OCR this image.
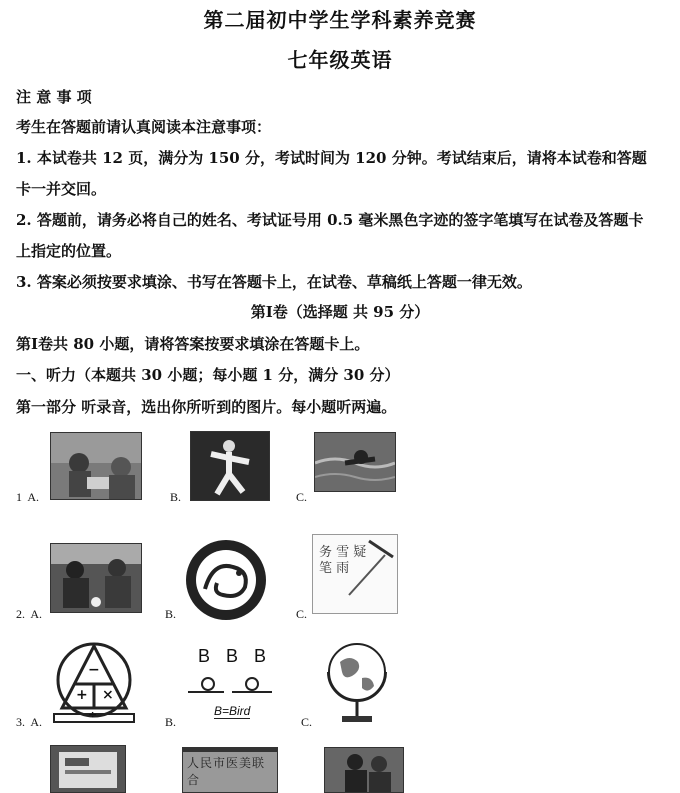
第二届初中学生学科素养竞赛
七年级英语
注 意 事 项
考生在答题前请认真阅读本注意事项：
1. 本试卷共 12 页，满分为 150 分，考试时间为 120 分钟。考试结束后，请将本试卷和答题
卡一并交回。
2. 答题前，请务必将自己的姓名、考试证号用 0.5 毫米黑色字迹的签字笔填写在试卷及答题卡
上指定的位置。
3. 答案必须按要求填涂、书写在答题卡上，在试卷、草稿纸上答题一律无效。
第Ⅰ卷（选择题 共 95 分）
第Ⅰ卷共 80 小题，请将答案按要求填涂在答题卡上。
一、听力（本题共 30 小题；每小题 1 分，满分 30 分）
第一部分 听录音，选出你所听到的图片。每小题听两遍。
1 A.	B.	C.
2. A.	B.	C.
务 雪 疑 笔 雨
3. A.
−
+ ×
÷
B.
B B B
B=Bird
C.
人民市医美联合
